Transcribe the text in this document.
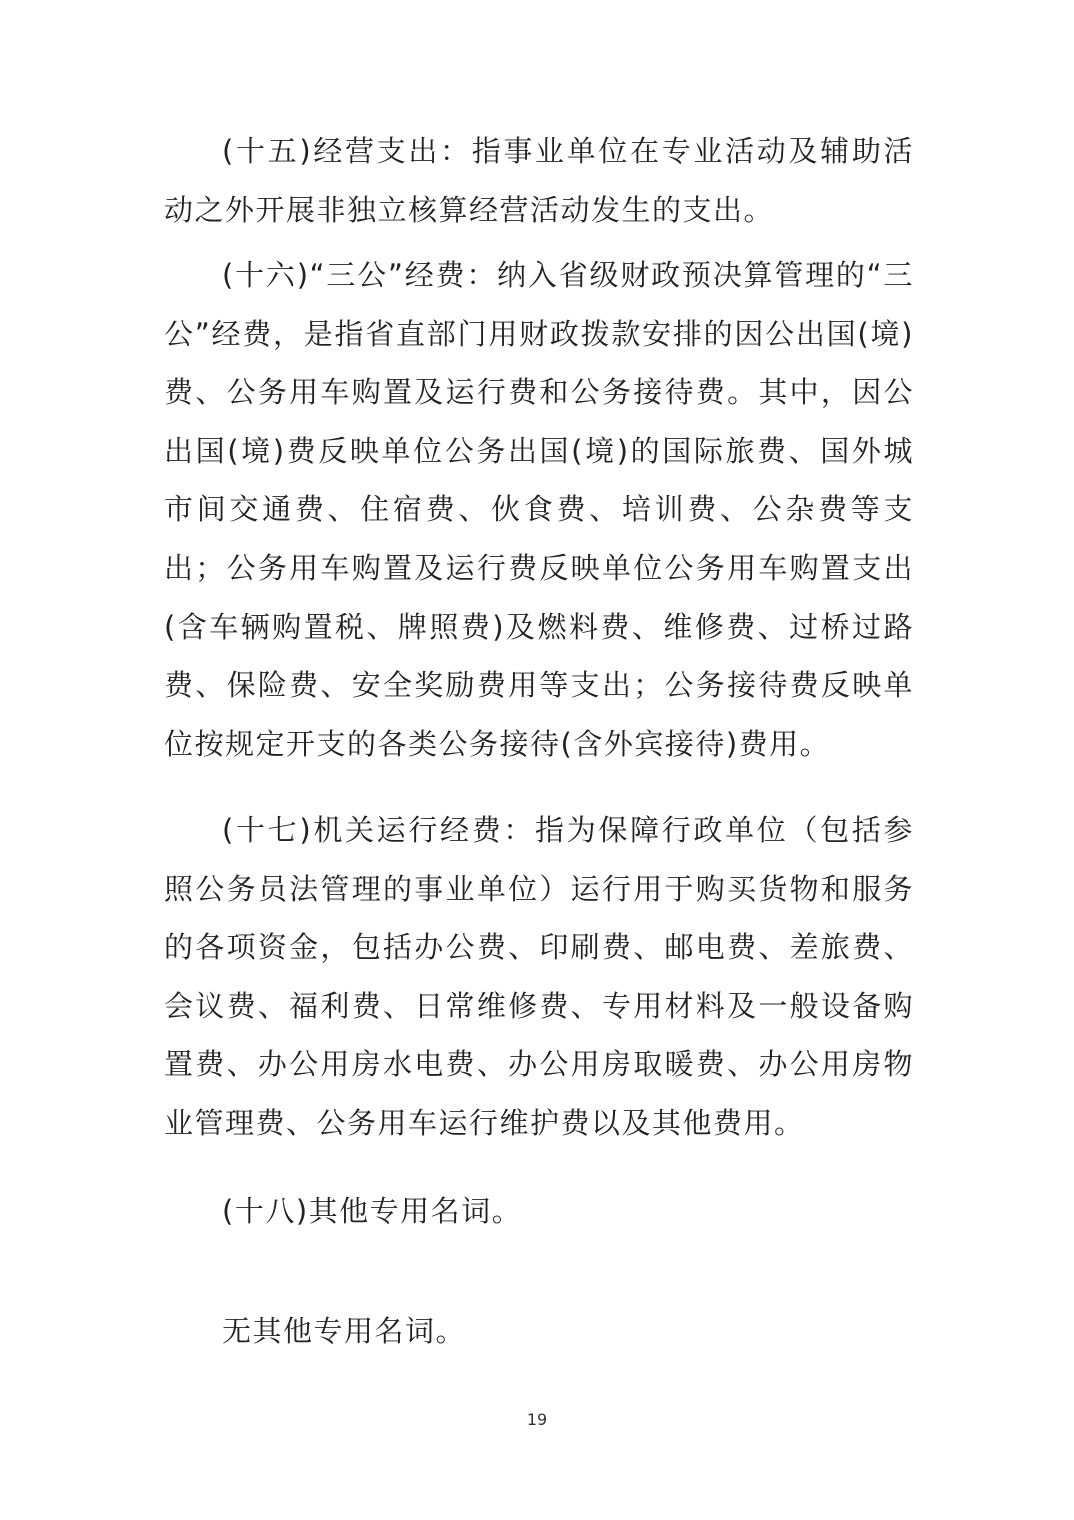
(十五)经营支出：指事业单位在专业活动及辅助活动之外开展非独立核算经营活动发生的支出。

(十六)“三公”经费：纳入省级财政预决算管理的“三公”经费，是指省直部门用财政拨款安排的因公出国(境)费、公务用车购置及运行费和公务接待费。其中，因公出国(境)费反映单位公务出国(境)的国际旅费、国外城市间交通费、住宿费、伙食费、培训费、公杂费等支出；公务用车购置及运行费反映单位公务用车购置支出(含车辆购置税、牌照费)及燃料费、维修费、过桥过路费、保险费、安全奖励费用等支出；公务接待费反映单位按规定开支的各类公务接待(含外宾接待)费用。

(十七)机关运行经费：指为保障行政单位（包括参照公务员法管理的事业单位）运行用于购买货物和服务的各项资金，包括办公费、印刷费、邮电费、差旅费、会议费、福利费、日常维修费、专用材料及一般设备购置费、办公用房水电费、办公用房取暖费、办公用房物业管理费、公务用车运行维护费以及其他费用。

(十八)其他专用名词。

无其他专用名词。

19
